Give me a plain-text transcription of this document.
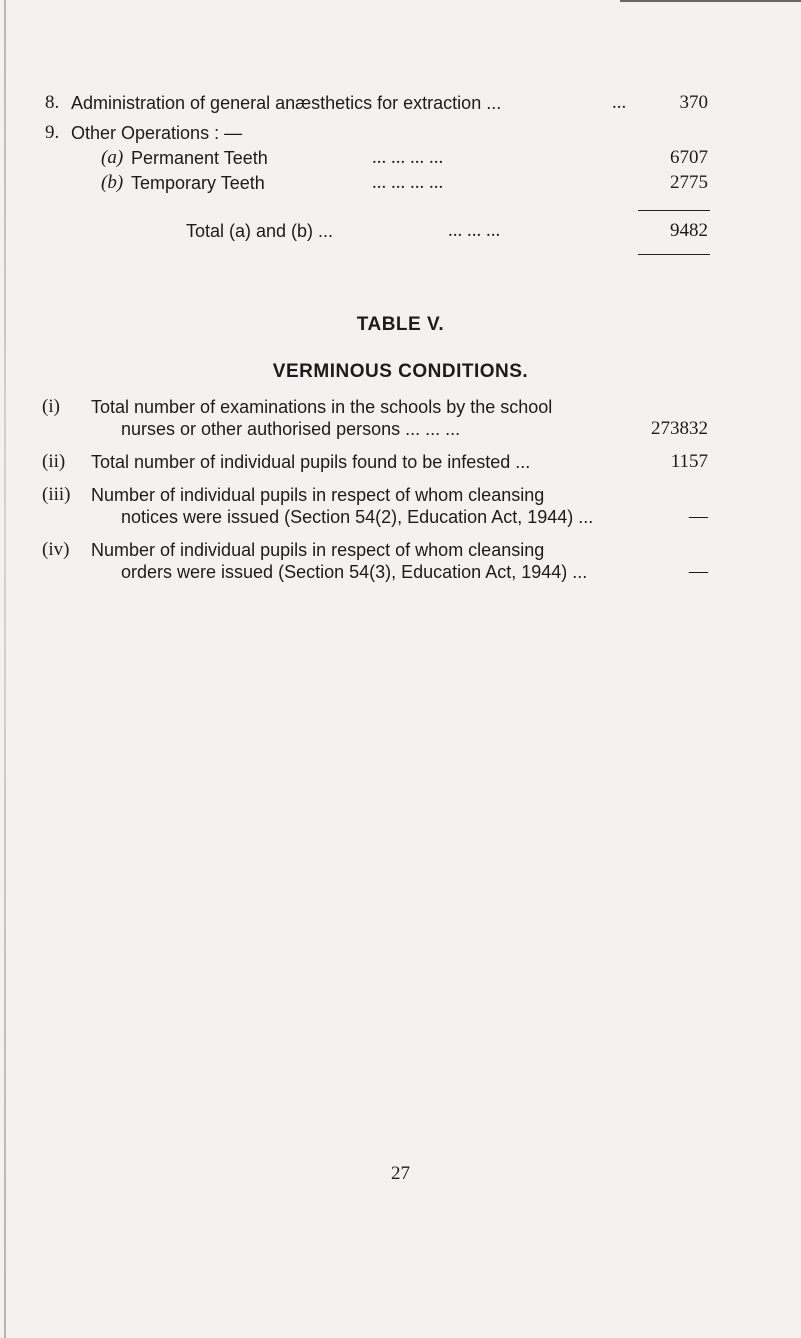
8. Administration of general anæsthetics for extraction ...	...	370
9. Other Operations : —
(a) Permanent Teeth	... ... ... ...	6707
(b) Temporary Teeth	... ... ... ...	2775
Total (a) and (b) ...	... ... ...	9482
TABLE V.
VERMINOUS CONDITIONS.
(i) Total number of examinations in the schools by the school
nurses or other authorised persons ... ... ...	273832
(ii) Total number of individual pupils found to be infested ...	1157
(iii) Number of individual pupils in respect of whom cleansing
notices were issued (Section 54(2), Education Act, 1944) ...	—
(iv) Number of individual pupils in respect of whom cleansing
orders were issued (Section 54(3), Education Act, 1944) ...	—
27
